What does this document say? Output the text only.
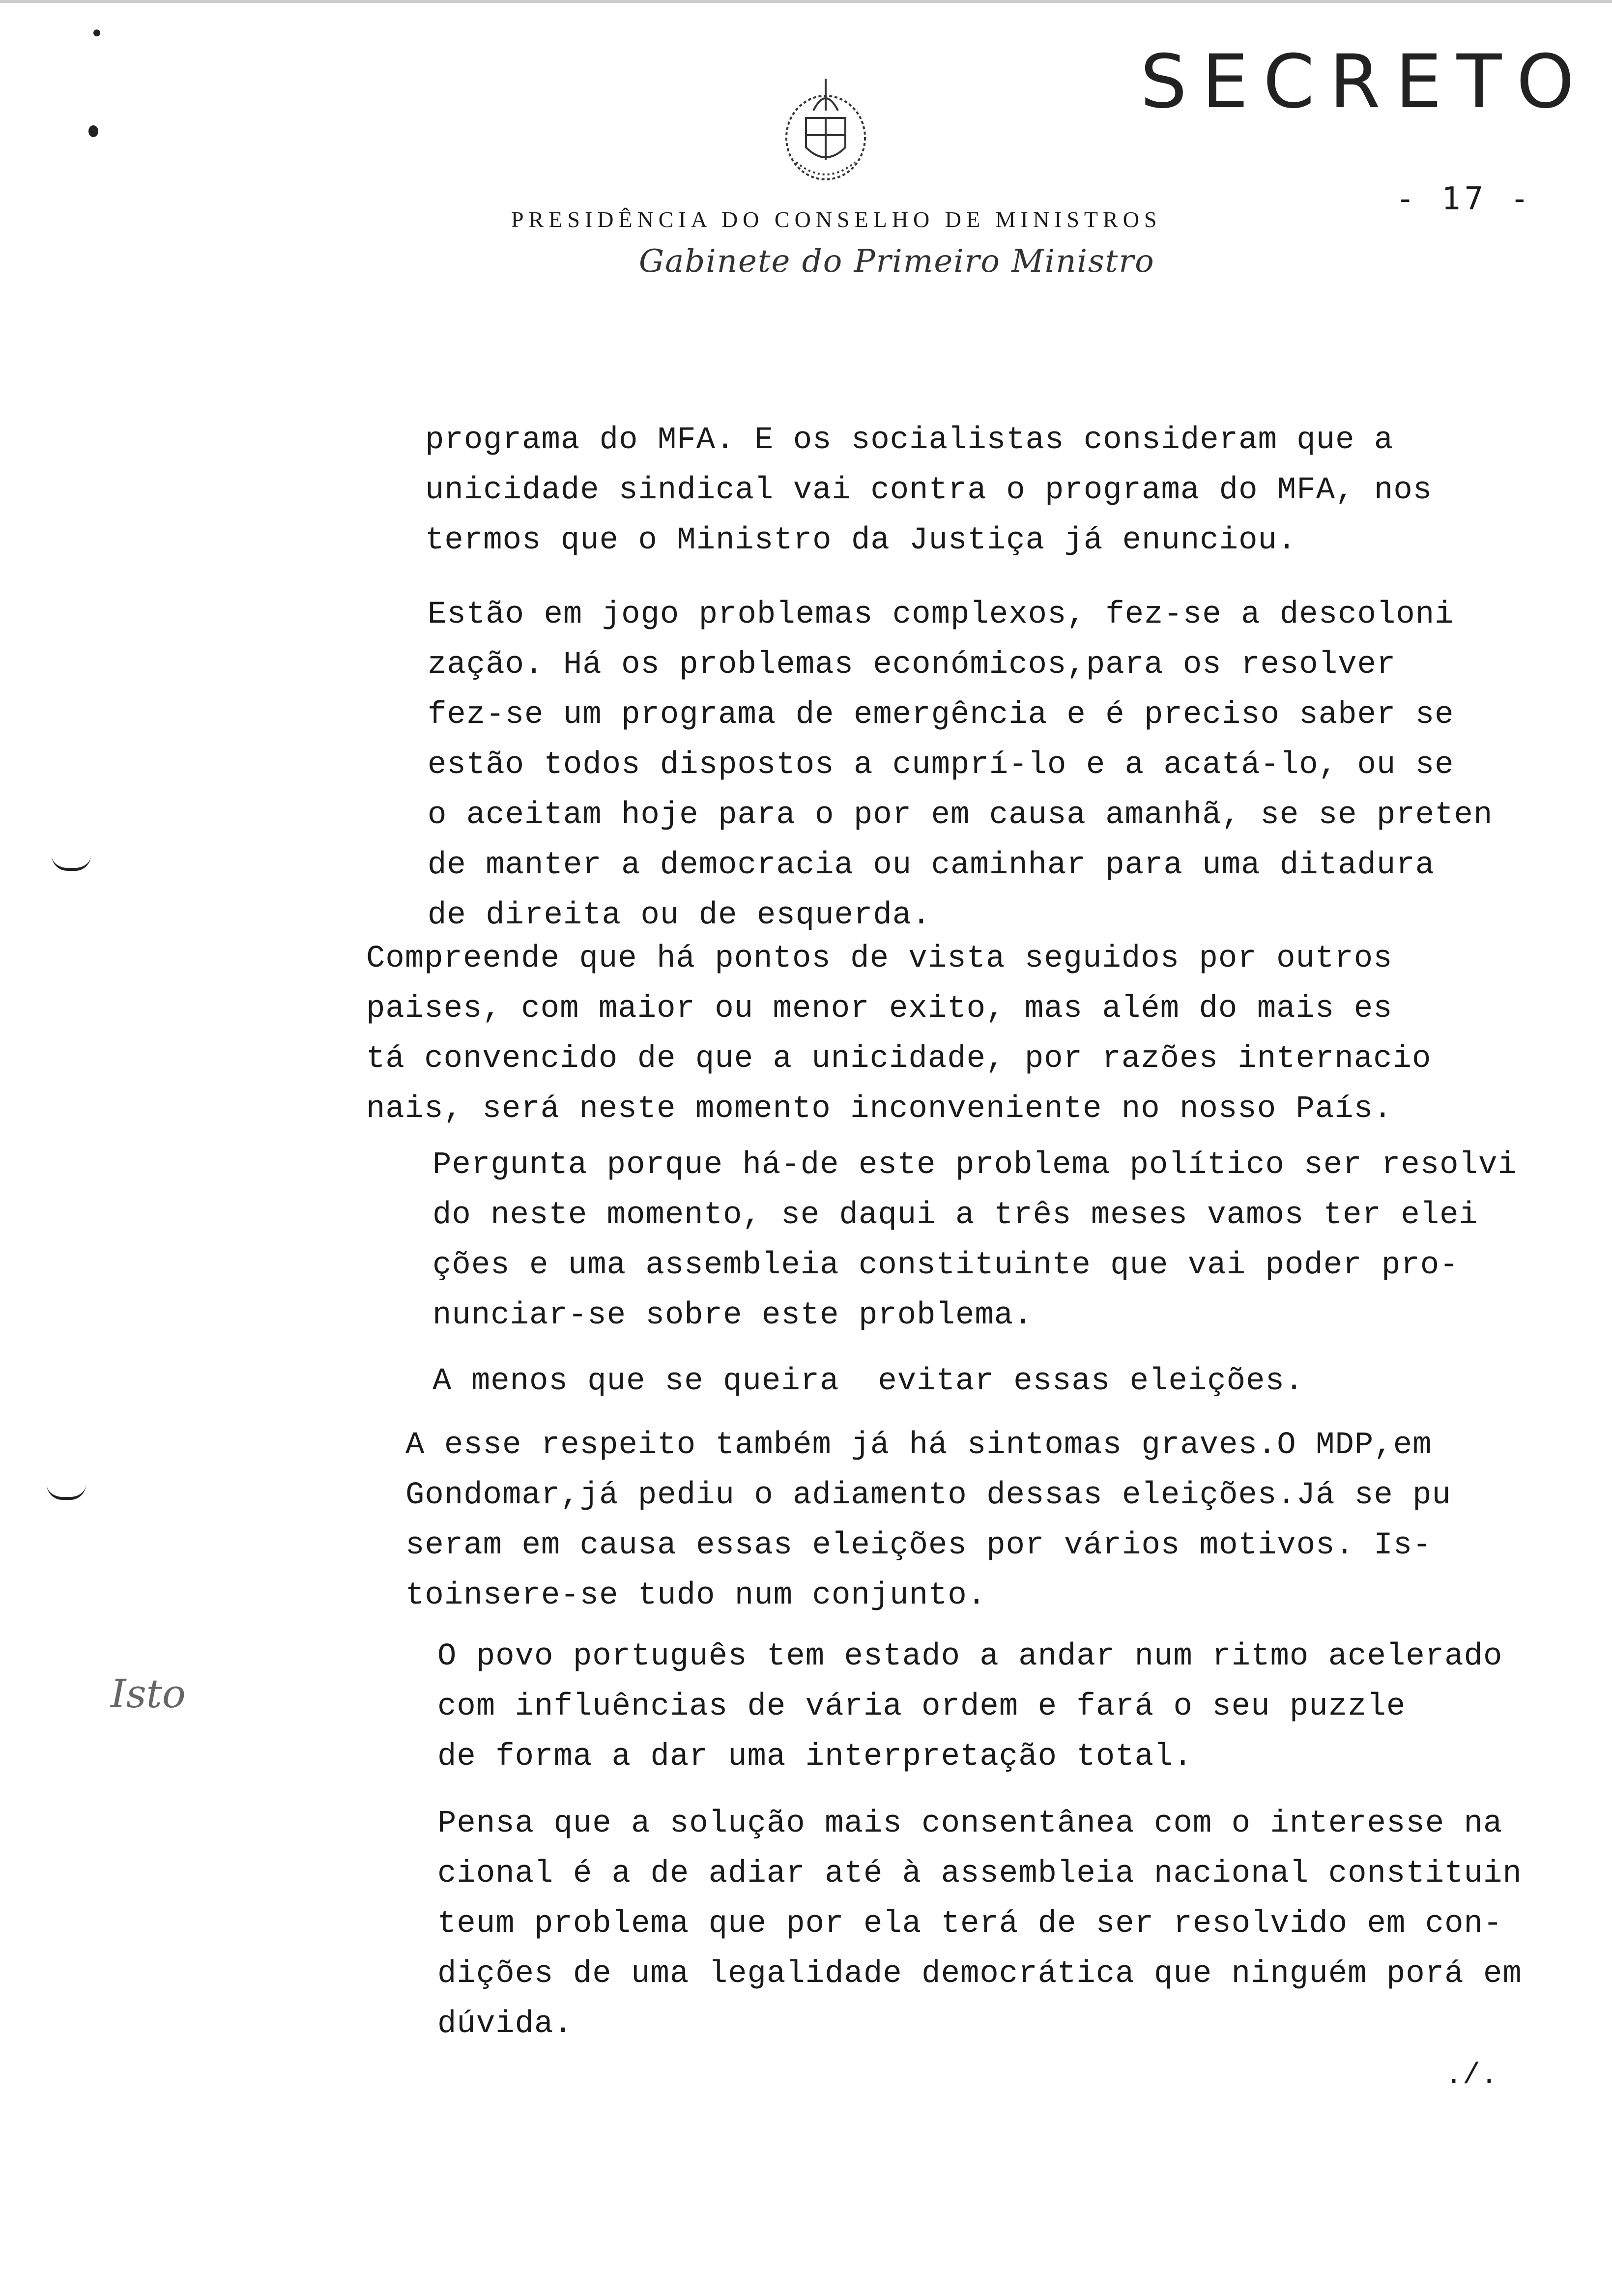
SECRETO
- 17 -
PRESIDÊNCIA DO CONSELHO DE MINISTROS
Gabinete do Primeiro Ministro
programa do MFA. E os socialistas consideram que a
unicidade sindical vai contra o programa do MFA, nos
termos que o Ministro da Justiça já enunciou.
Estão em jogo problemas complexos, fez-se a descoloni
zação. Há os problemas económicos,para os resolver
fez-se um programa de emergência e é preciso saber se
estão todos dispostos a cumprí-lo e a acatá-lo, ou se
o aceitam hoje para o por em causa amanhã, se se preten
de manter a democracia ou caminhar para uma ditadura
de direita ou de esquerda.
Compreende que há pontos de vista seguidos por outros
paises, com maior ou menor exito, mas além do mais es
tá convencido de que a unicidade, por razões internacio
nais, será neste momento inconveniente no nosso País.
Pergunta porque há-de este problema político ser resolvi
do neste momento, se daqui a três meses vamos ter elei
ções e uma assembleia constituinte que vai poder pro-
nunciar-se sobre este problema.
A menos que se queira  evitar essas eleições.
A esse respeito também já há sintomas graves.O MDP,em
Gondomar,já pediu o adiamento dessas eleições.Já se pu
seram em causa essas eleições por vários motivos. Is-
toinsere-se tudo num conjunto.
O povo português tem estado a andar num ritmo acelerado
com influências de vária ordem e fará o seu puzzle
de forma a dar uma interpretação total.
Pensa que a solução mais consentânea com o interesse na
cional é a de adiar até à assembleia nacional constituin
teum problema que por ela terá de ser resolvido em con-
dições de uma legalidade democrática que ninguém porá em
dúvida.
./.
Isto
